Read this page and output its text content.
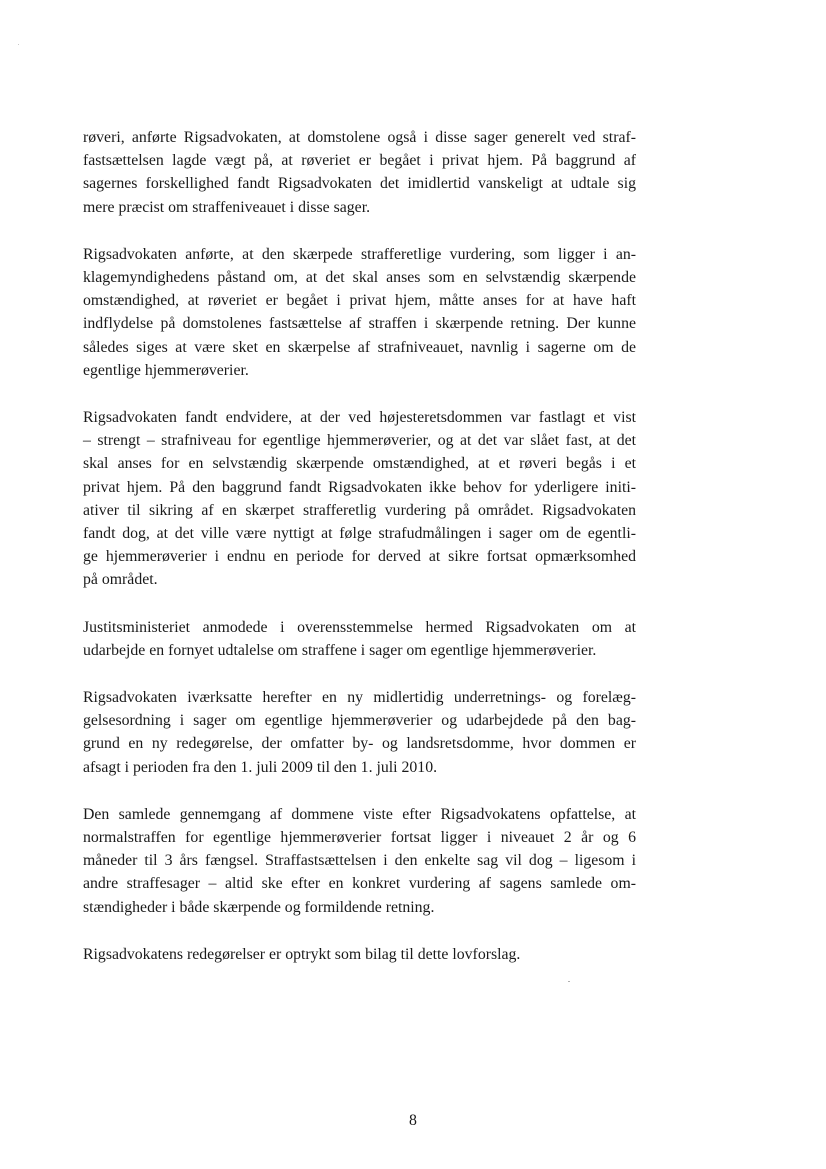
røveri, anførte Rigsadvokaten, at domstolene også i disse sager generelt ved straf-
fastsættelsen lagde vægt på, at røveriet er begået i privat hjem. På baggrund af
sagernes forskellighed fandt Rigsadvokaten det imidlertid vanskeligt at udtale sig
mere præcist om straffeniveauet i disse sager.

Rigsadvokaten anførte, at den skærpede strafferetlige vurdering, som ligger i an-
klagemyndighedens påstand om, at det skal anses som en selvstændig skærpende
omstændighed, at røveriet er begået i privat hjem, måtte anses for at have haft
indflydelse på domstolenes fastsættelse af straffen i skærpende retning. Der kunne
således siges at være sket en skærpelse af strafniveauet, navnlig i sagerne om de
egentlige hjemmerøverier.

Rigsadvokaten fandt endvidere, at der ved højesteretsdommen var fastlagt et vist
– strengt – strafniveau for egentlige hjemmerøverier, og at det var slået fast, at det
skal anses for en selvstændig skærpende omstændighed, at et røveri begås i et
privat hjem. På den baggrund fandt Rigsadvokaten ikke behov for yderligere initi-
ativer til sikring af en skærpet strafferetlig vurdering på området. Rigsadvokaten
fandt dog, at det ville være nyttigt at følge strafudmålingen i sager om de egentli-
ge hjemmerøverier i endnu en periode for derved at sikre fortsat opmærksomhed
på området.

Justitsministeriet anmodede i overensstemmelse hermed Rigsadvokaten om at
udarbejde en fornyet udtalelse om straffene i sager om egentlige hjemmerøverier.

Rigsadvokaten iværksatte herefter en ny midlertidig underretnings- og forelæg-
gelsesordning i sager om egentlige hjemmerøverier og udarbejdede på den bag-
grund en ny redegørelse, der omfatter by- og landsretsdomme, hvor dommen er
afsagt i perioden fra den 1. juli 2009 til den 1. juli 2010.

Den samlede gennemgang af dommene viste efter Rigsadvokatens opfattelse, at
normalstraffen for egentlige hjemmerøverier fortsat ligger i niveauet 2 år og 6
måneder til 3 års fængsel. Straffastsættelsen i den enkelte sag vil dog – ligesom i
andre straffesager – altid ske efter en konkret vurdering af sagens samlede om-
stændigheder i både skærpende og formildende retning.

Rigsadvokatens redegørelser er optrykt som bilag til dette lovforslag.

8
